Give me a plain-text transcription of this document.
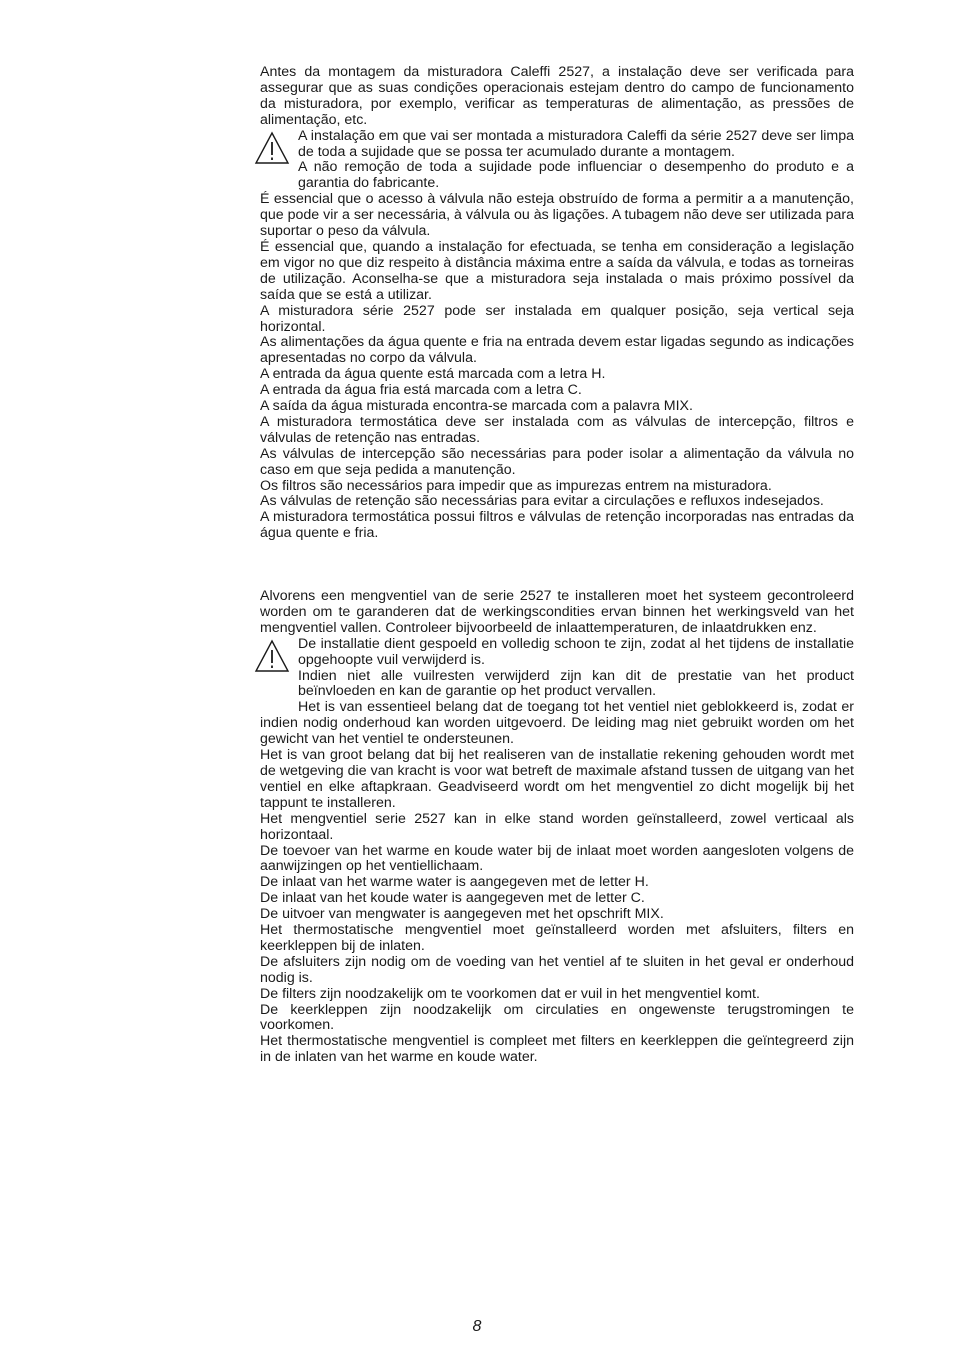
Antes da montagem da misturadora Caleffi 2527, a instalação deve ser verificada para assegurar que as suas condições operacionais estejam dentro do campo de funcionamento da misturadora, por exemplo, verificar as temperaturas de alimentação, as pressões de alimentação, etc.

A instalação em que vai ser montada a misturadora Caleffi da série 2527 deve ser limpa de toda a sujidade que se possa ter acumulado durante a montagem.

A não remoção de toda a sujidade pode influenciar o desempenho do produto e a garantia do fabricante.

É essencial que o acesso à válvula não esteja obstruído de forma a permitir a a manutenção, que pode vir a ser necessária, à válvula ou às ligações. A tubagem não deve ser utilizada para suportar o peso da válvula.

É essencial que, quando a instalação for efectuada, se tenha em consideração a legislação em vigor no que diz respeito à distância máxima entre a saída da válvula, e todas as torneiras de utilização. Aconselha-se que a misturadora seja instalada o mais próximo possível da saída que se está a utilizar.

A misturadora série 2527 pode ser instalada em qualquer posição, seja vertical seja horizontal.

As alimentações da água quente e fria na entrada devem estar ligadas segundo as indicações apresentadas no corpo da válvula.

A entrada da água quente está marcada com a letra H.

A entrada da água fria está marcada com a letra C.

A saída da água misturada encontra-se marcada com a palavra MIX.

A misturadora termostática deve ser instalada com as válvulas de intercepção, filtros e válvulas de retenção nas entradas.

As válvulas de intercepção são necessárias para poder isolar a alimentação da válvula no caso em que seja pedida a manutenção.

Os filtros são necessários para impedir que as impurezas entrem na misturadora.

As válvulas de retenção são necessárias para evitar a circulações e refluxos indesejados.

A misturadora termostática possui filtros e válvulas de retenção incorporadas nas entradas da água quente e fria.

Alvorens een mengventiel van de serie 2527 te installeren moet het systeem gecontroleerd worden om te garanderen dat de werkingscondities ervan binnen het werkingsveld van het mengventiel vallen. Controleer bijvoorbeeld de inlaattemperaturen, de inlaatdrukken enz.

De installatie dient gespoeld en volledig schoon te zijn, zodat al het tijdens de installatie opgehoopte vuil verwijderd is.

Indien niet alle vuilresten verwijderd zijn kan dit de prestatie van het product beïnvloeden en kan de garantie op het product vervallen.

Het is van essentieel belang dat de toegang tot het ventiel niet geblokkeerd is, zodat er indien nodig onderhoud kan worden uitgevoerd. De leiding mag niet gebruikt worden om het gewicht van het ventiel te ondersteunen.

Het is van groot belang dat bij het realiseren van de installatie rekening gehouden wordt met de wetgeving die van kracht is voor wat betreft de maximale afstand tussen de uitgang van het ventiel en elke aftapkraan. Geadviseerd wordt om het mengventiel zo dicht mogelijk bij het tappunt te installeren.

Het mengventiel serie 2527 kan in elke stand worden geïnstalleerd, zowel verticaal als horizontaal.

De toevoer van het warme en koude water bij de inlaat moet worden aangesloten volgens de aanwijzingen op het ventiellichaam.

De inlaat van het warme water is aangegeven met de letter H.

De inlaat van het koude water is aangegeven met de letter C.

De uitvoer van mengwater is aangegeven met het opschrift MIX.

Het thermostatische mengventiel moet geïnstalleerd worden met afsluiters, filters en keerkleppen bij de inlaten.

De afsluiters zijn nodig om de voeding van het ventiel af te sluiten in het geval er onderhoud nodig is.

De filters zijn noodzakelijk om te voorkomen dat er vuil in het mengventiel komt.

De keerkleppen zijn noodzakelijk om circulaties en ongewenste terugstromingen te voorkomen.

Het thermostatische mengventiel is compleet met filters en keerkleppen die geïntegreerd zijn in de inlaten van het warme en koude water.

8
